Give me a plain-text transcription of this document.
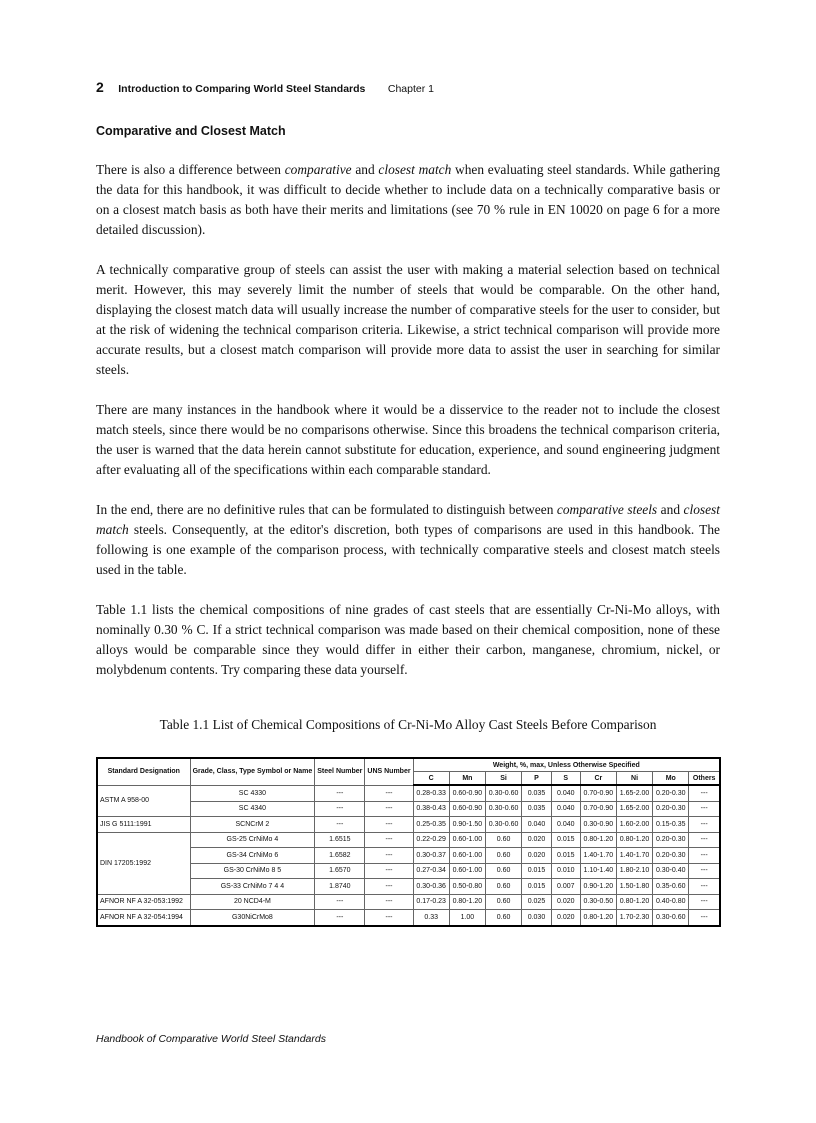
2 Introduction to Comparing World Steel Standards Chapter 1
Comparative and Closest Match

There is also a difference between comparative and closest match when evaluating steel standards. While gathering the data for this handbook, it was difficult to decide whether to include data on a technically comparative basis or on a closest match basis as both have their merits and limitations (see 70 % rule in EN 10020 on page 6 for a more detailed discussion).

A technically comparative group of steels can assist the user with making a material selection based on technical merit. However, this may severely limit the number of steels that would be comparable. On the other hand, displaying the closest match data will usually increase the number of comparative steels for the user to consider, but at the risk of widening the technical comparison criteria. Likewise, a strict technical comparison will provide more accurate results, but a closest match comparison will provide more data to assist the user in searching for similar steels.

There are many instances in the handbook where it would be a disservice to the reader not to include the closest match steels, since there would be no comparisons otherwise. Since this broadens the technical comparison criteria, the user is warned that the data herein cannot substitute for education, experience, and sound engineering judgment after evaluating all of the specifications within each comparable standard.

In the end, there are no definitive rules that can be formulated to distinguish between comparative steels and closest match steels. Consequently, at the editor's discretion, both types of comparisons are used in this handbook. The following is one example of the comparison process, with technically comparative steels and closest match steels used in the table.

Table 1.1 lists the chemical compositions of nine grades of cast steels that are essentially Cr-Ni-Mo alloys, with nominally 0.30 % C. If a strict technical comparison was made based on their chemical composition, none of these alloys would be comparable since they would differ in either their carbon, manganese, chromium, nickel, or molybdenum contents. Try comparing these data yourself.

Table 1.1 List of Chemical Compositions of Cr-Ni-Mo Alloy Cast Steels Before Comparison
Standard Designation	Grade, Class, Type Symbol or Name	Steel Number	UNS Number	Weight, %, max, Unless Otherwise Specified								
				C	Mn	Si	P	S	Cr	Ni	Mo	Others
ASTM A 958-00	SC 4330	---	---	0.28-0.33	0.60-0.90	0.30-0.60	0.035	0.040	0.70-0.90	1.65-2.00	0.20-0.30	---
	SC 4340	---	---	0.38-0.43	0.60-0.90	0.30-0.60	0.035	0.040	0.70-0.90	1.65-2.00	0.20-0.30	---
JIS G 5111:1991	SCNCrM 2	---	---	0.25-0.35	0.90-1.50	0.30-0.60	0.040	0.040	0.30-0.90	1.60-2.00	0.15-0.35	---
DIN 17205:1992	GS-25 CrNiMo 4	1.6515	---	0.22-0.29	0.60-1.00	0.60	0.020	0.015	0.80-1.20	0.80-1.20	0.20-0.30	---
	GS-34 CrNiMo 6	1.6582	---	0.30-0.37	0.60-1.00	0.60	0.020	0.015	1.40-1.70	1.40-1.70	0.20-0.30	---
	GS-30 CrNiMo 8 5	1.6570	---	0.27-0.34	0.60-1.00	0.60	0.015	0.010	1.10-1.40	1.80-2.10	0.30-0.40	---
	GS-33 CrNiMo 7 4 4	1.8740	---	0.30-0.36	0.50-0.80	0.60	0.015	0.007	0.90-1.20	1.50-1.80	0.35-0.60	---
AFNOR NF A 32-053:1992	20 NCD4-M	---	---	0.17-0.23	0.80-1.20	0.60	0.025	0.020	0.30-0.50	0.80-1.20	0.40-0.80	---
AFNOR NF A 32-054:1994	G30NiCrMo8	---	---	0.33	1.00	0.60	0.030	0.020	0.80-1.20	1.70-2.30	0.30-0.60	---
Handbook of Comparative World Steel Standards
